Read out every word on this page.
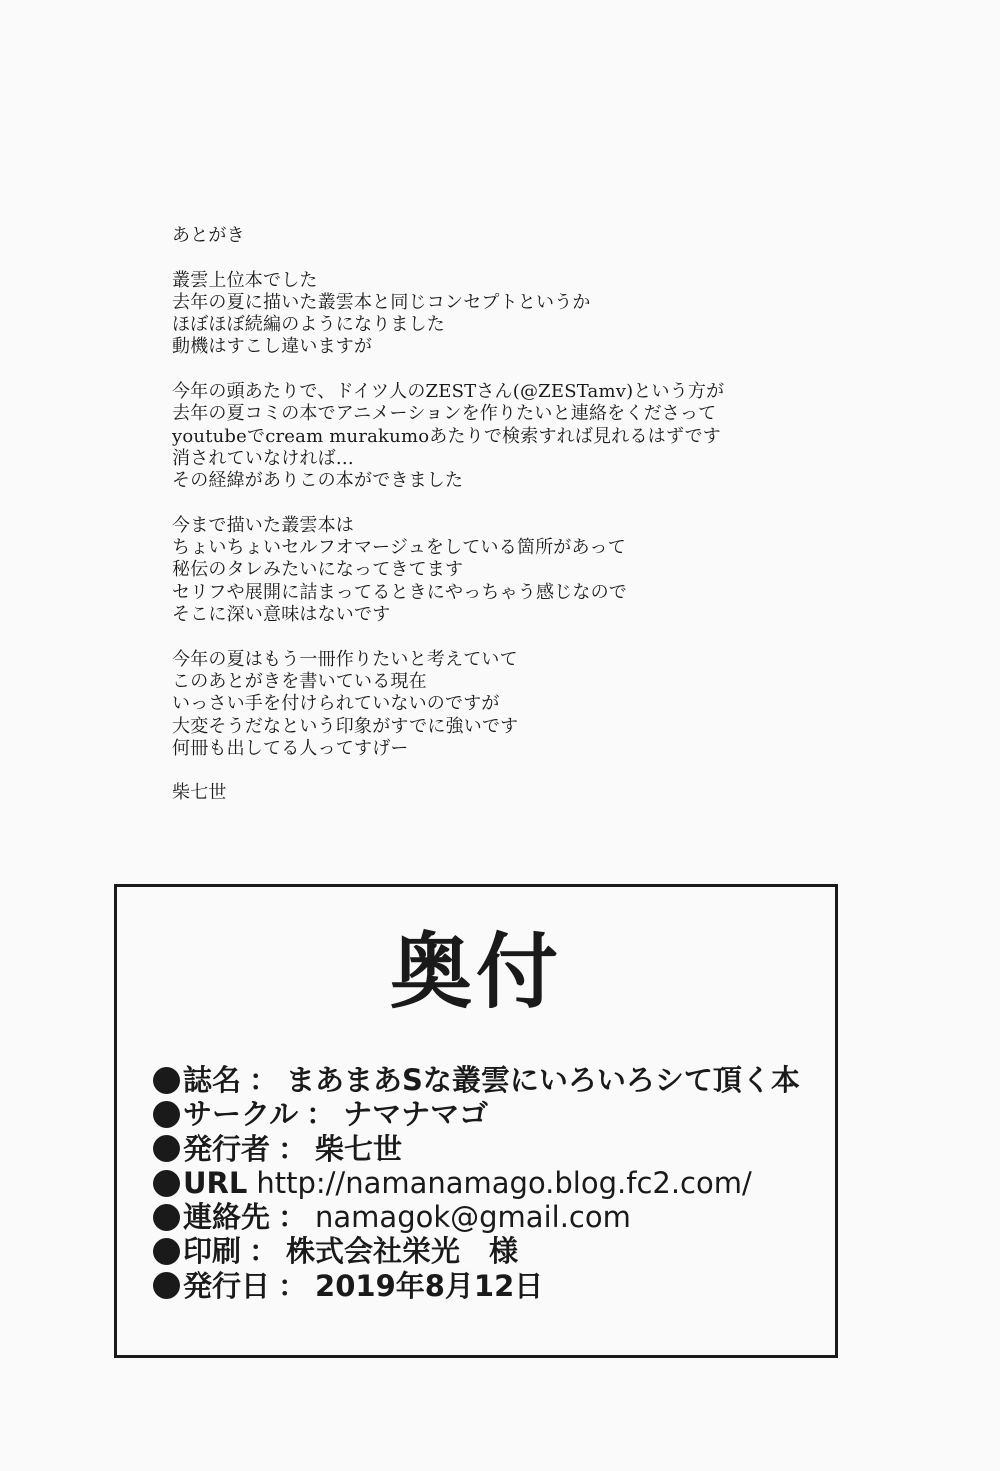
あとがき
叢雲上位本でした
去年の夏に描いた叢雲本と同じコンセプトというか
ほぼほぼ続編のようになりました
動機はすこし違いますが
今年の頭あたりで、ドイツ人のZESTさん(@ZESTamv)という方が
去年の夏コミの本でアニメーションを作りたいと連絡をくださって
youtubeでcream murakumoあたりで検索すれば見れるはずです
消されていなければ…
その経緯がありこの本ができました
今まで描いた叢雲本は
ちょいちょいセルフオマージュをしている箇所があって
秘伝のタレみたいになってきてます
セリフや展開に詰まってるときにやっちゃう感じなので
そこに深い意味はないです
今年の夏はもう一冊作りたいと考えていて
このあとがきを書いている現在
いっさい手を付けられていないのですが
大変そうだなという印象がすでに強いです
何冊も出してる人ってすげー
柴七世
奥付
誌名 ： まあまあSな叢雲にいろいろシて頂く本
サークル ： ナマナマゴ
発行者 ： 柴七世
URL http://namanamago.blog.fc2.com/
連絡先 ： namagok@gmail.com
印刷 ： 株式会社栄光　様
発行日 ： 2019年8月12日
